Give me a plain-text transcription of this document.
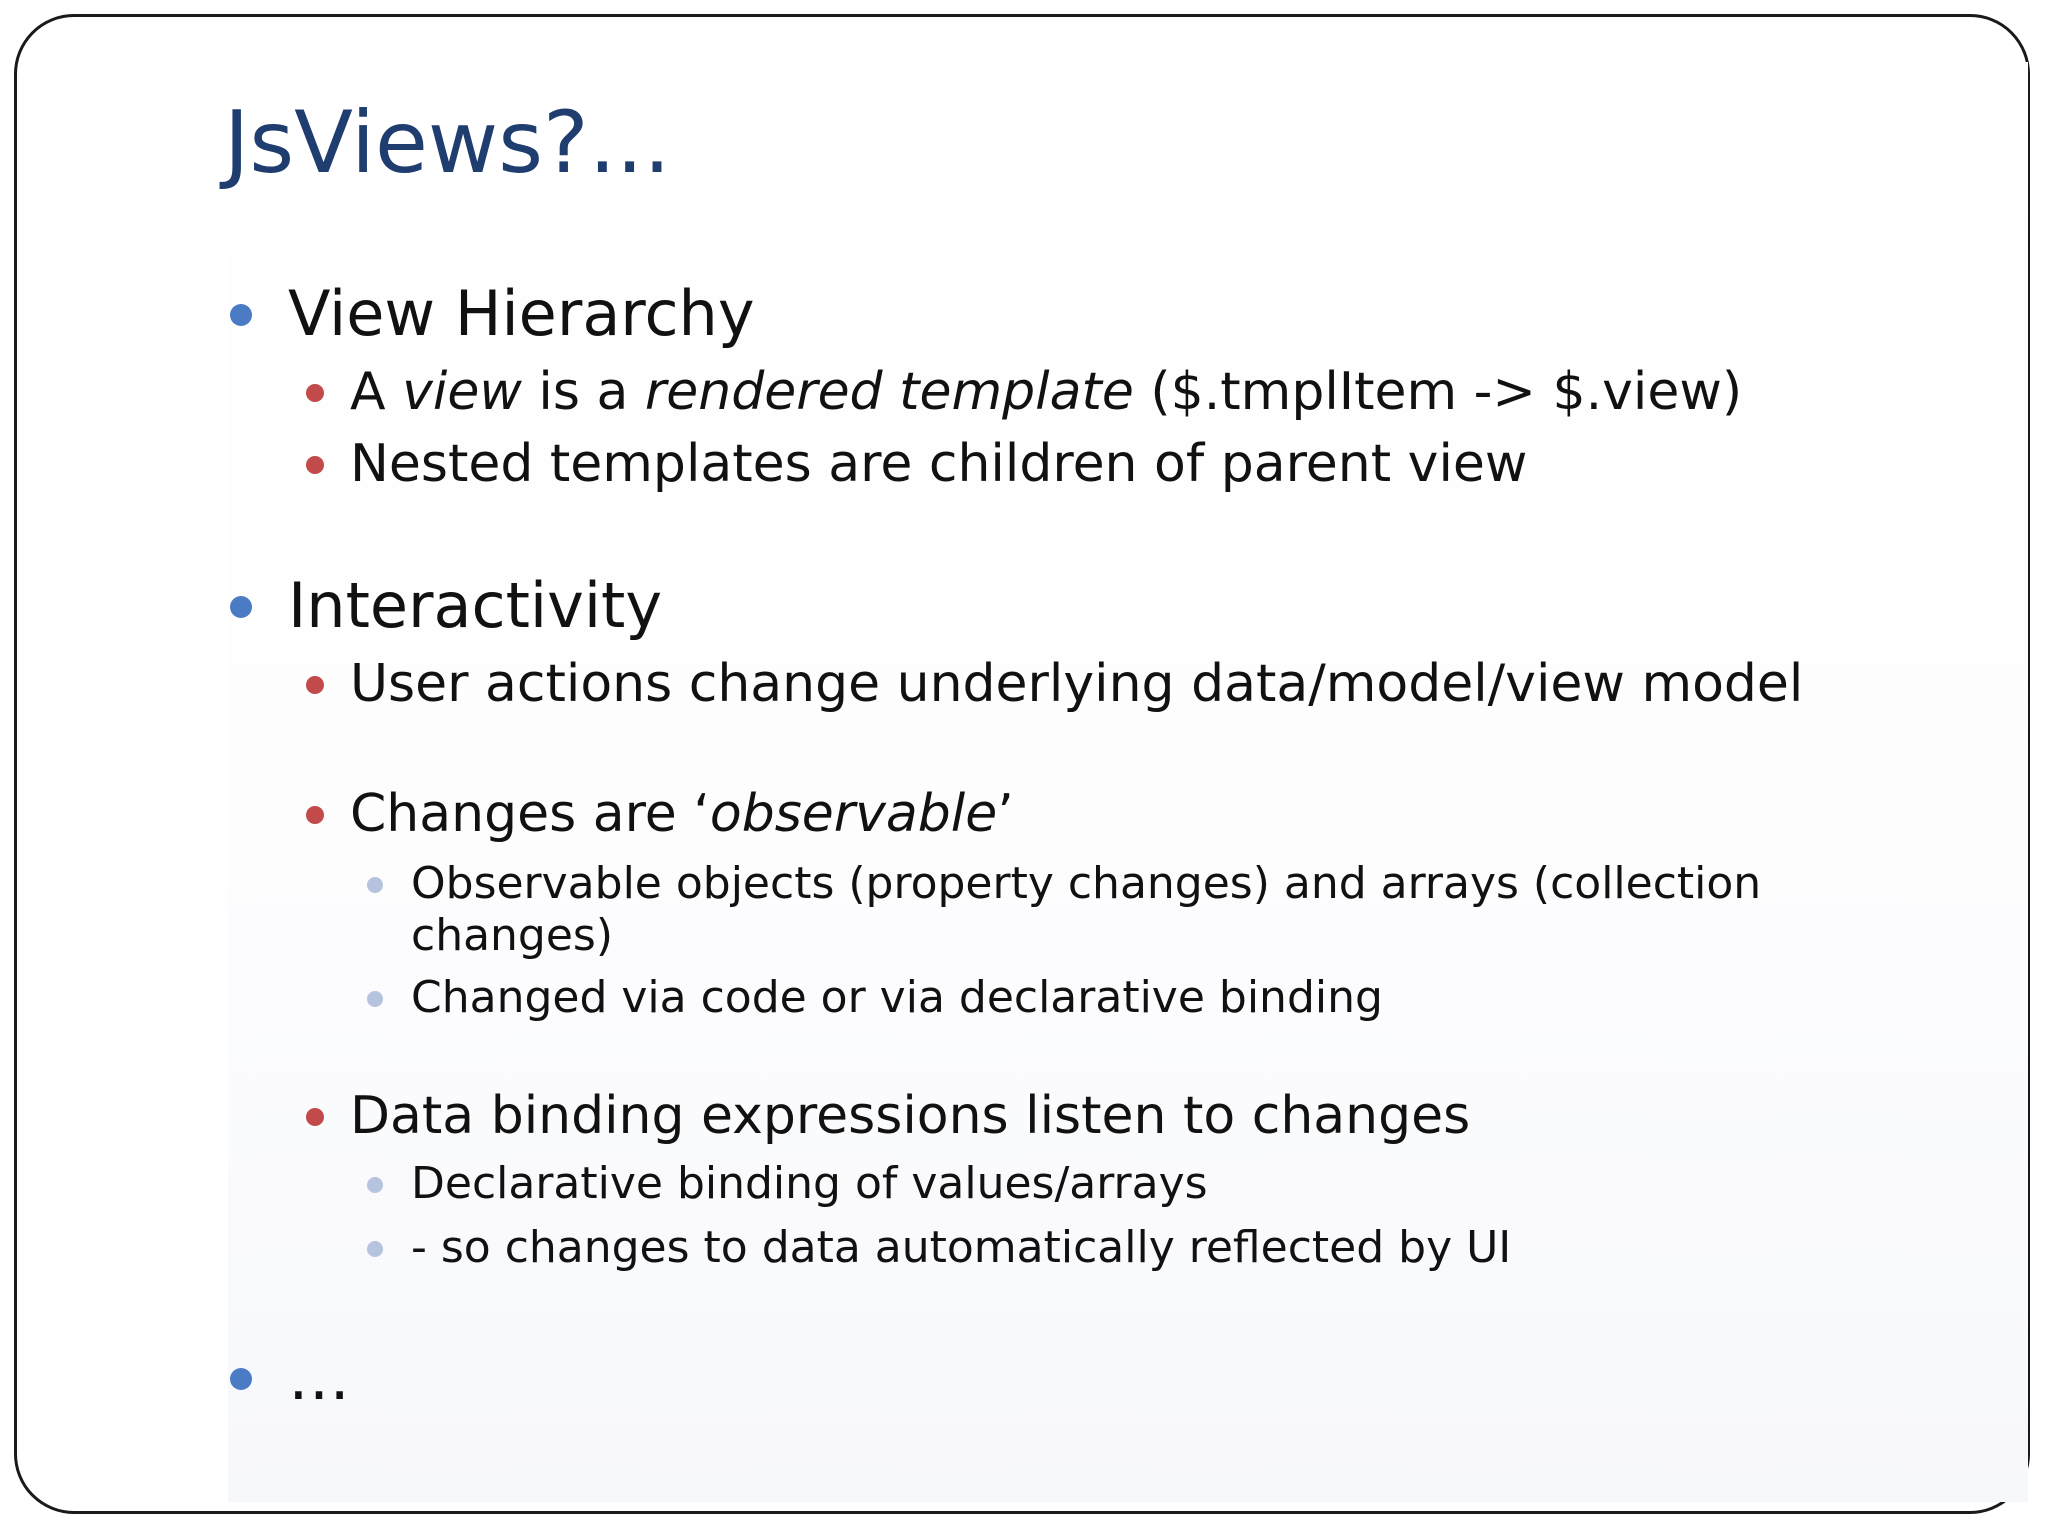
JsViews?...
View Hierarchy
A view is a rendered template ($.tmplItem -> $.view)
Nested templates are children of parent view
Interactivity
User actions change underlying data/model/view model
Changes are ‘observable’
Observable objects (property changes) and arrays (collection
changes)
Changed via code or via declarative binding
Data binding expressions listen to changes
Declarative binding of values/arrays
- so changes to data automatically reflected by UI
…
